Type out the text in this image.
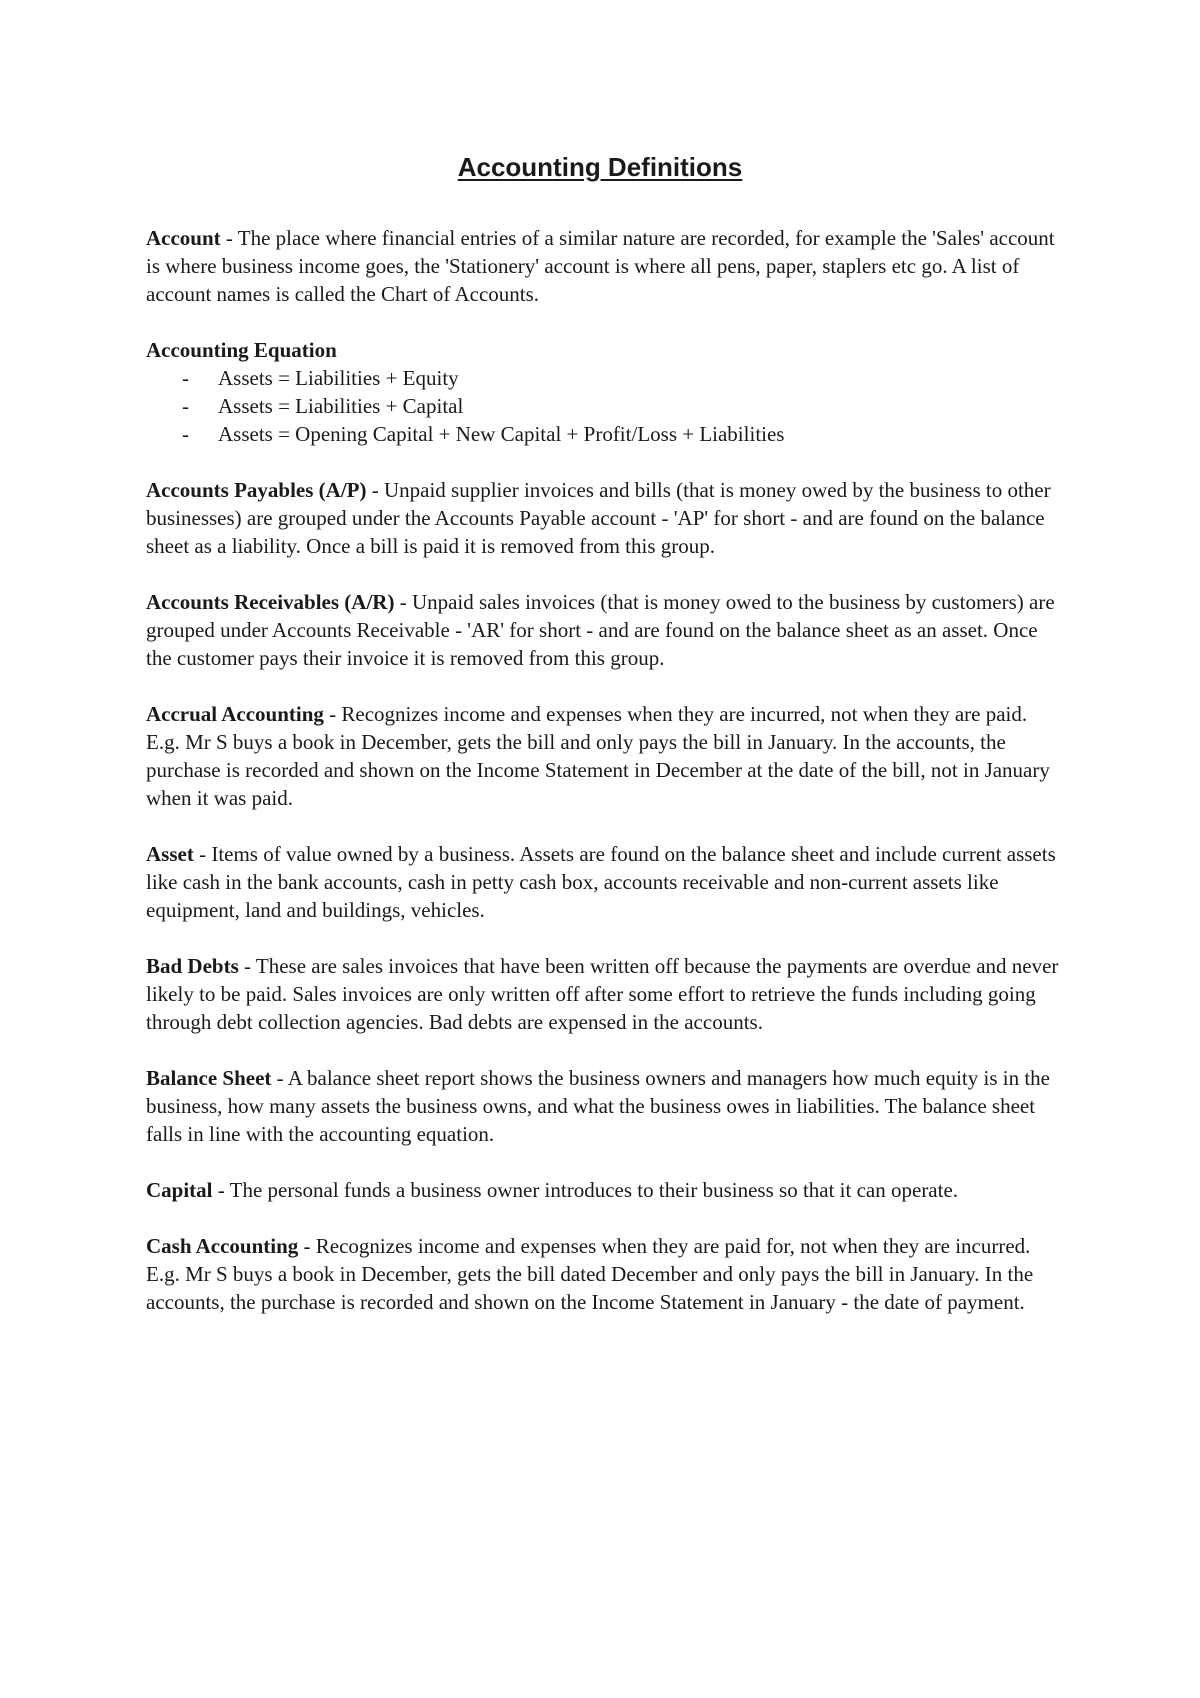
Accounting Definitions

Account - The place where financial entries of a similar nature are recorded, for example the 'Sales' account is where business income goes, the 'Stationery' account is where all pens, paper, staplers etc go. A list of account names is called the Chart of Accounts.

Accounting Equation
- Assets = Liabilities + Equity
- Assets = Liabilities + Capital
- Assets = Opening Capital + New Capital + Profit/Loss + Liabilities

Accounts Payables (A/P) - Unpaid supplier invoices and bills (that is money owed by the business to other businesses) are grouped under the Accounts Payable account - 'AP' for short - and are found on the balance sheet as a liability. Once a bill is paid it is removed from this group.

Accounts Receivables (A/R) - Unpaid sales invoices (that is money owed to the business by customers) are grouped under Accounts Receivable - 'AR' for short - and are found on the balance sheet as an asset. Once the customer pays their invoice it is removed from this group.

Accrual Accounting - Recognizes income and expenses when they are incurred, not when they are paid. E.g. Mr S buys a book in December, gets the bill and only pays the bill in January. In the accounts, the purchase is recorded and shown on the Income Statement in December at the date of the bill, not in January when it was paid.

Asset - Items of value owned by a business. Assets are found on the balance sheet and include current assets like cash in the bank accounts, cash in petty cash box, accounts receivable and non-current assets like equipment, land and buildings, vehicles.

Bad Debts - These are sales invoices that have been written off because the payments are overdue and never likely to be paid. Sales invoices are only written off after some effort to retrieve the funds including going through debt collection agencies. Bad debts are expensed in the accounts.

Balance Sheet - A balance sheet report shows the business owners and managers how much equity is in the business, how many assets the business owns, and what the business owes in liabilities. The balance sheet falls in line with the accounting equation.

Capital - The personal funds a business owner introduces to their business so that it can operate.

Cash Accounting - Recognizes income and expenses when they are paid for, not when they are incurred. E.g. Mr S buys a book in December, gets the bill dated December and only pays the bill in January. In the accounts, the purchase is recorded and shown on the Income Statement in January - the date of payment.
